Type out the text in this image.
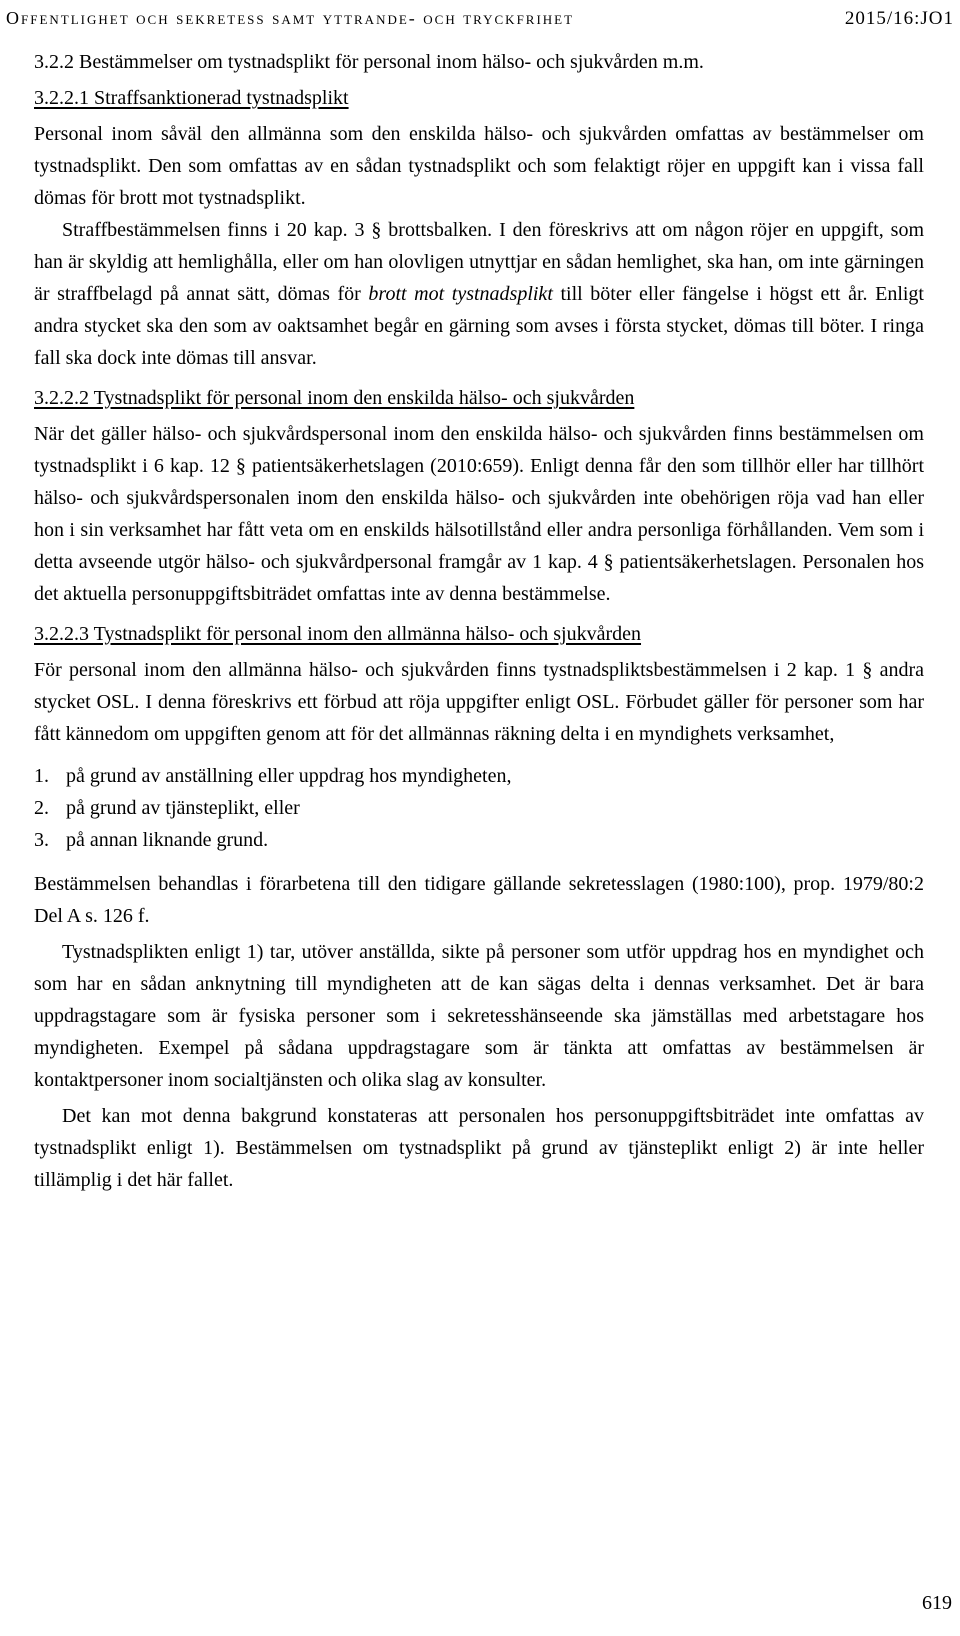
Offentlighet och sekretess samt yttrande- och tryckfrihet	2015/16:JO1
3.2.2 Bestämmelser om tystnadsplikt för personal inom hälso- och sjukvården m.m.
3.2.2.1 Straffsanktionerad tystnadsplikt

Personal inom såväl den allmänna som den enskilda hälso- och sjukvården omfattas av bestämmelser om tystnadsplikt. Den som omfattas av en sådan tystnadsplikt och som felaktigt röjer en uppgift kan i vissa fall dömas för brott mot tystnadsplikt.

Straffbestämmelsen finns i 20 kap. 3 § brottsbalken. I den föreskrivs att om någon röjer en uppgift, som han är skyldig att hemlighålla, eller om han olovligen utnyttjar en sådan hemlighet, ska han, om inte gärningen är straffbelagd på annat sätt, dömas för brott mot tystnadsplikt till böter eller fängelse i högst ett år. Enligt andra stycket ska den som av oaktsamhet begår en gärning som avses i första stycket, dömas till böter. I ringa fall ska dock inte dömas till ansvar.

3.2.2.2 Tystnadsplikt för personal inom den enskilda hälso- och sjukvården

När det gäller hälso- och sjukvårdspersonal inom den enskilda hälso- och sjukvården finns bestämmelsen om tystnadsplikt i 6 kap. 12 § patientsäkerhetslagen (2010:659). Enligt denna får den som tillhör eller har tillhört hälso- och sjukvårdspersonalen inom den enskilda hälso- och sjukvården inte obehörigen röja vad han eller hon i sin verksamhet har fått veta om en enskilds hälsotillstånd eller andra personliga förhållanden. Vem som i detta avseende utgör hälso- och sjukvårdpersonal framgår av 1 kap. 4 § patientsäkerhetslagen. Personalen hos det aktuella personuppgiftsbiträdet omfattas inte av denna bestämmelse.

3.2.2.3 Tystnadsplikt för personal inom den allmänna hälso- och sjukvården

För personal inom den allmänna hälso- och sjukvården finns tystnadspliktsbestämmelsen i 2 kap. 1 § andra stycket OSL. I denna föreskrivs ett förbud att röja uppgifter enligt OSL. Förbudet gäller för personer som har fått kännedom om uppgiften genom att för det allmännas räkning delta i en myndighets verksamhet,

1. på grund av anställning eller uppdrag hos myndigheten,
2. på grund av tjänsteplikt, eller
3. på annan liknande grund.

Bestämmelsen behandlas i förarbetena till den tidigare gällande sekretesslagen (1980:100), prop. 1979/80:2 Del A s. 126 f.

Tystnadsplikten enligt 1) tar, utöver anställda, sikte på personer som utför uppdrag hos en myndighet och som har en sådan anknytning till myndigheten att de kan sägas delta i dennas verksamhet. Det är bara uppdragstagare som är fysiska personer som i sekretesshänseende ska jämställas med arbetstagare hos myndigheten. Exempel på sådana uppdragstagare som är tänkta att omfattas av bestämmelsen är kontaktpersoner inom socialtjänsten och olika slag av konsulter.

Det kan mot denna bakgrund konstateras att personalen hos personuppgiftsbiträdet inte omfattas av tystnadsplikt enligt 1). Bestämmelsen om tystnadsplikt på grund av tjänsteplikt enligt 2) är inte heller tillämplig i det här fallet.

619
